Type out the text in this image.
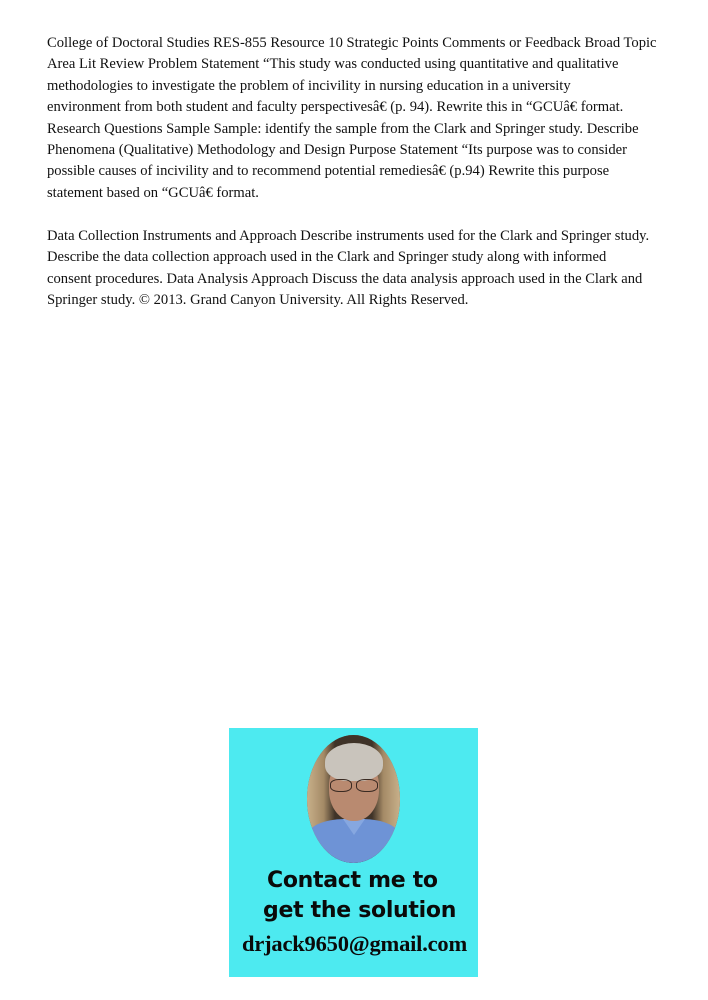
College of Doctoral Studies RES-855 Resource 10 Strategic Points Comments or Feedback Broad Topic
Area Lit Review Problem Statement “This study was conducted using quantitative and qualitative
methodologies to investigate the problem of incivility in nursing education in a university
environment from both student and faculty perspectivesâ€ (p. 94). Rewrite this in “GCUâ€ format.
Research Questions Sample Sample: identify the sample from the Clark and Springer study. Describe
Phenomena (Qualitative) Methodology and Design Purpose Statement “Its purpose was to consider
possible causes of incivility and to recommend potential remediesâ€ (p.94) Rewrite this purpose
statement based on “GCUâ€ format.
Data Collection Instruments and Approach Describe instruments used for the Clark and Springer study.
Describe the data collection approach used in the Clark and Springer study along with informed
consent procedures. Data Analysis Approach Discuss the data analysis approach used in the Clark and
Springer study. © 2013. Grand Canyon University. All Rights Reserved.
Contact me to
get the solution
drjack9650@gmail.com
